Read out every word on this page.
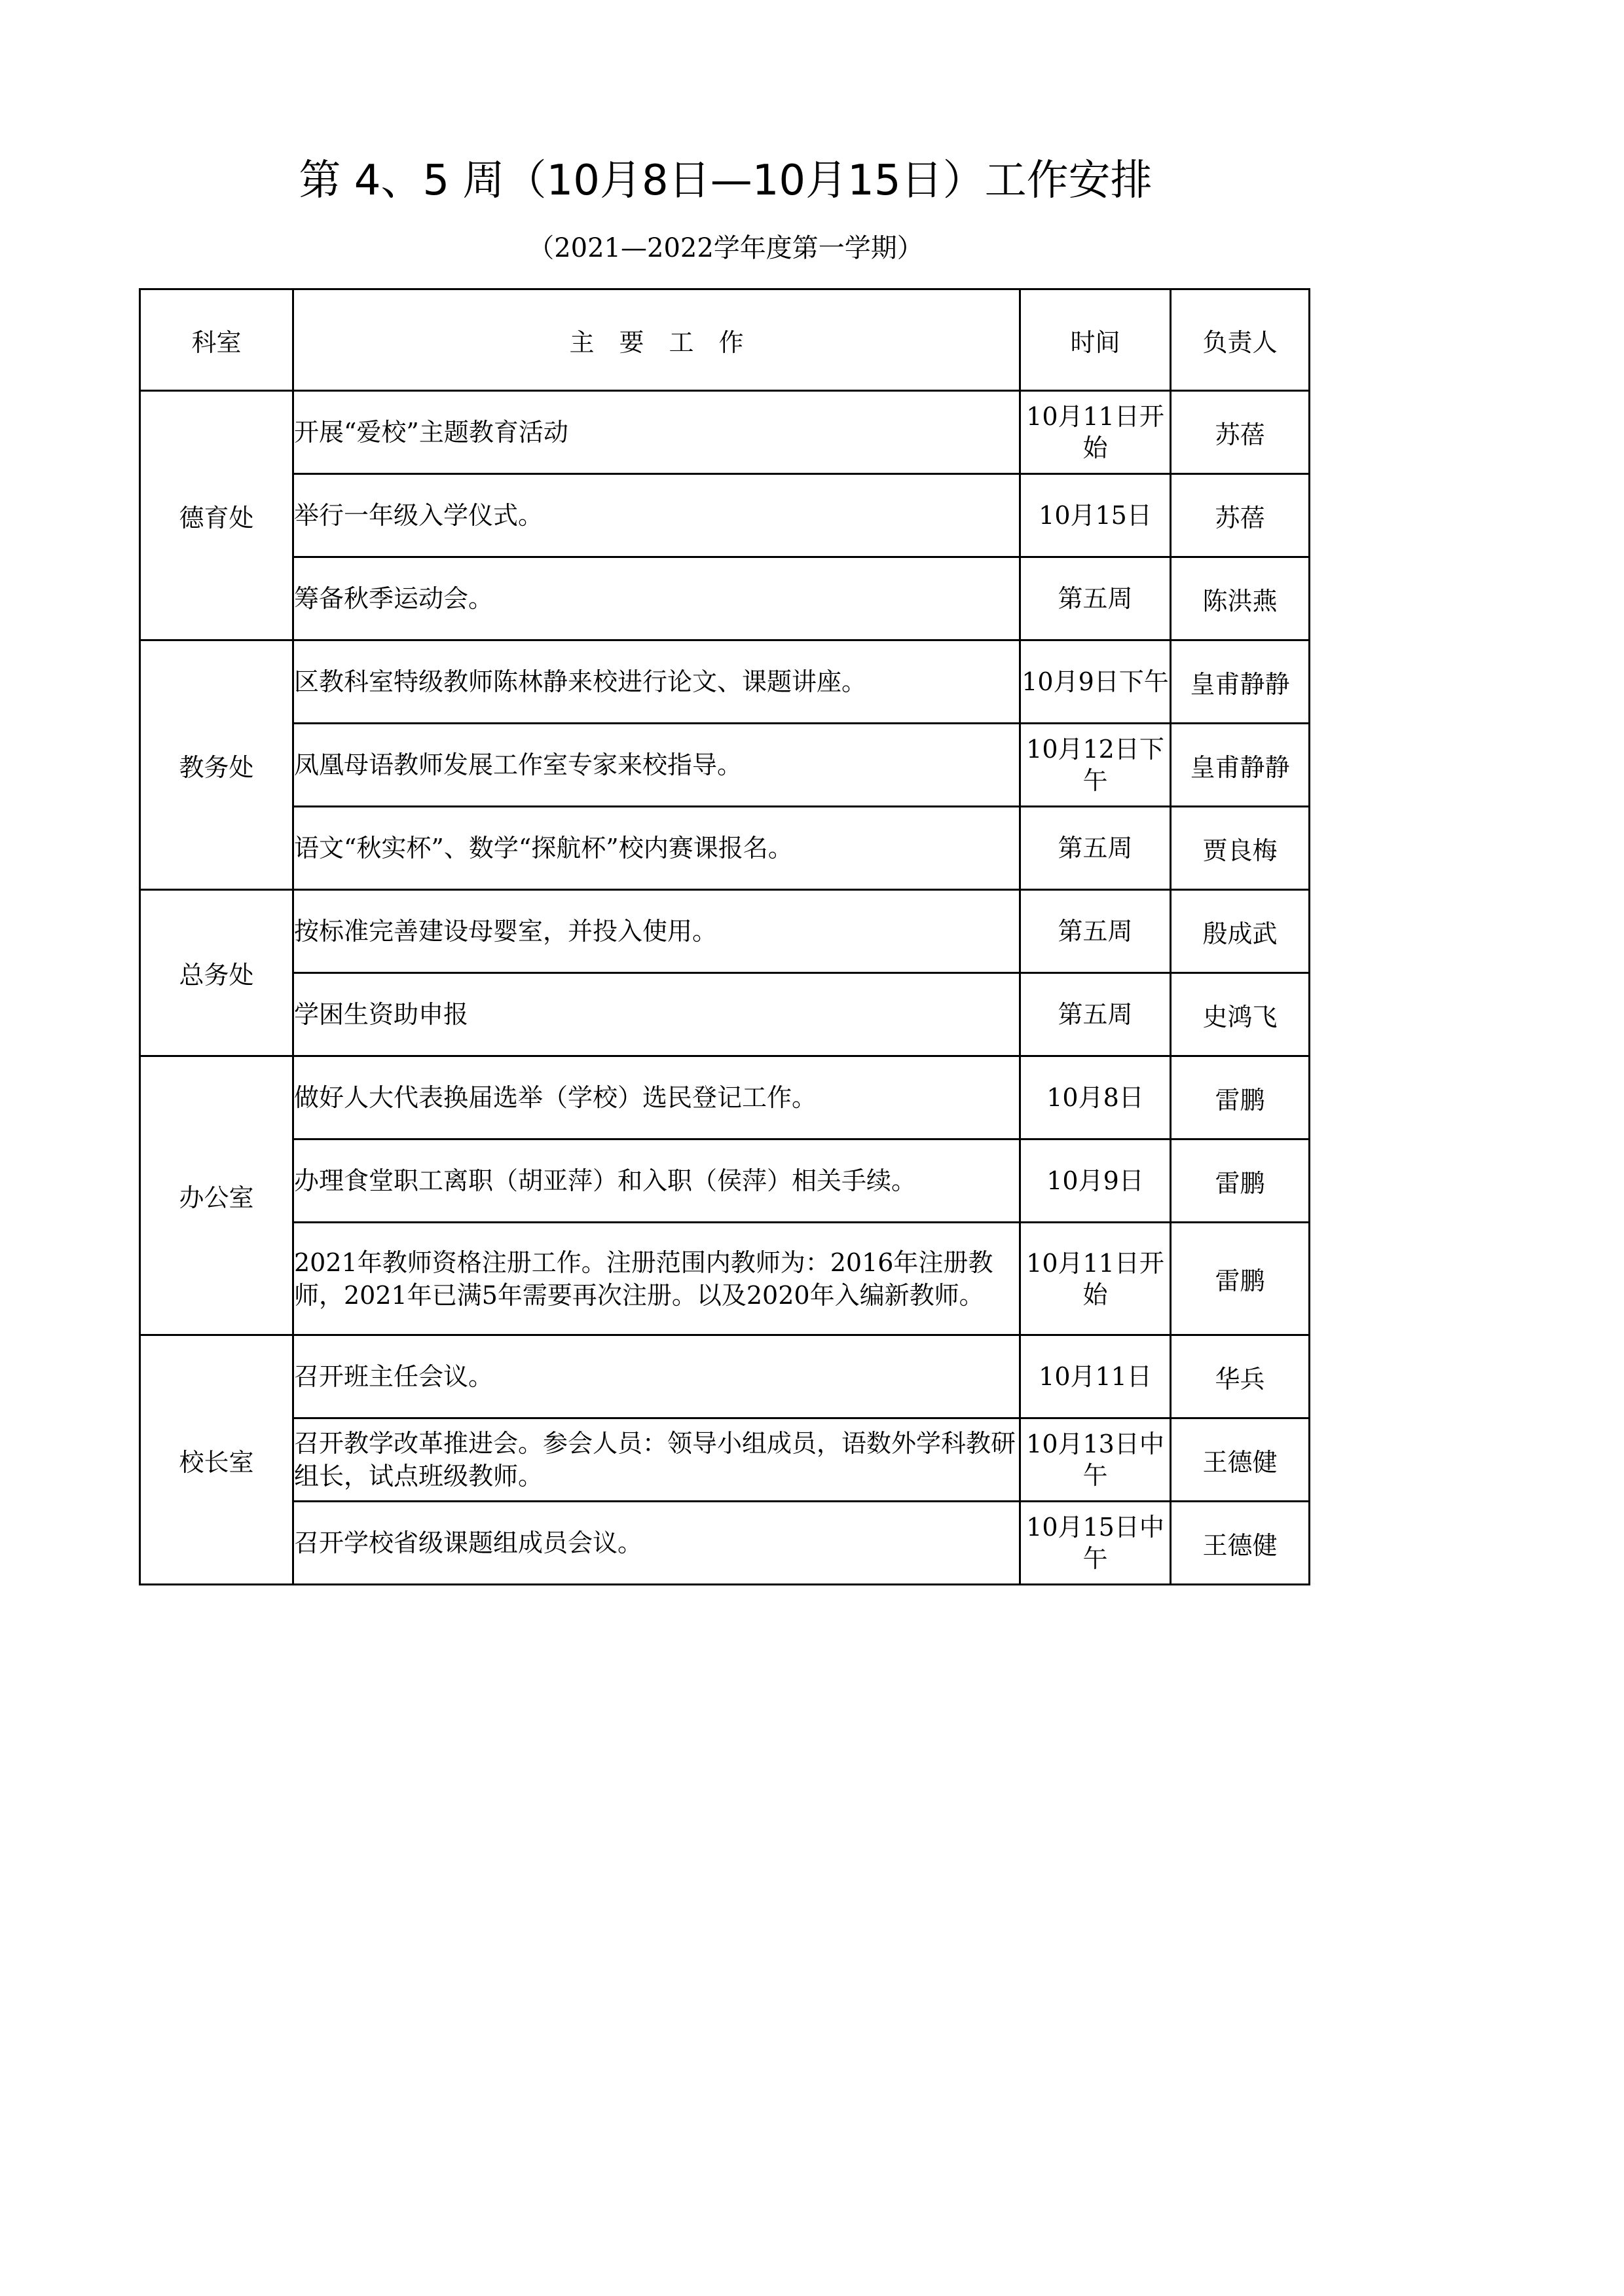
第 4、5 周（10月8日—10月15日）工作安排
（2021—2022学年度第一学期）
科室	主　要　工　作	时间	负责人
德育处	开展“爱校”主题教育活动	10月11日开始	苏蓓
	举行一年级入学仪式。	10月15日	苏蓓
	筹备秋季运动会。	第五周	陈洪燕
教务处	区教科室特级教师陈林静来校进行论文、课题讲座。	10月9日下午	皇甫静静
	凤凰母语教师发展工作室专家来校指导。	10月12日下午	皇甫静静
	语文“秋实杯”、数学“探航杯”校内赛课报名。	第五周	贾良梅
总务处	按标准完善建设母婴室，并投入使用。	第五周	殷成武
	学困生资助申报	第五周	史鸿飞
办公室	做好人大代表换届选举（学校）选民登记工作。	10月8日	雷鹏
	办理食堂职工离职（胡亚萍）和入职（侯萍）相关手续。	10月9日	雷鹏
	2021年教师资格注册工作。注册范围内教师为：2016年注册教师，2021年已满5年需要再次注册。以及2020年入编新教师。	10月11日开始	雷鹏
校长室	召开班主任会议。	10月11日	华兵
	召开教学改革推进会。参会人员：领导小组成员，语数外学科教研组长，试点班级教师。	10月13日中午	王德健
	召开学校省级课题组成员会议。	10月15日中午	王德健
